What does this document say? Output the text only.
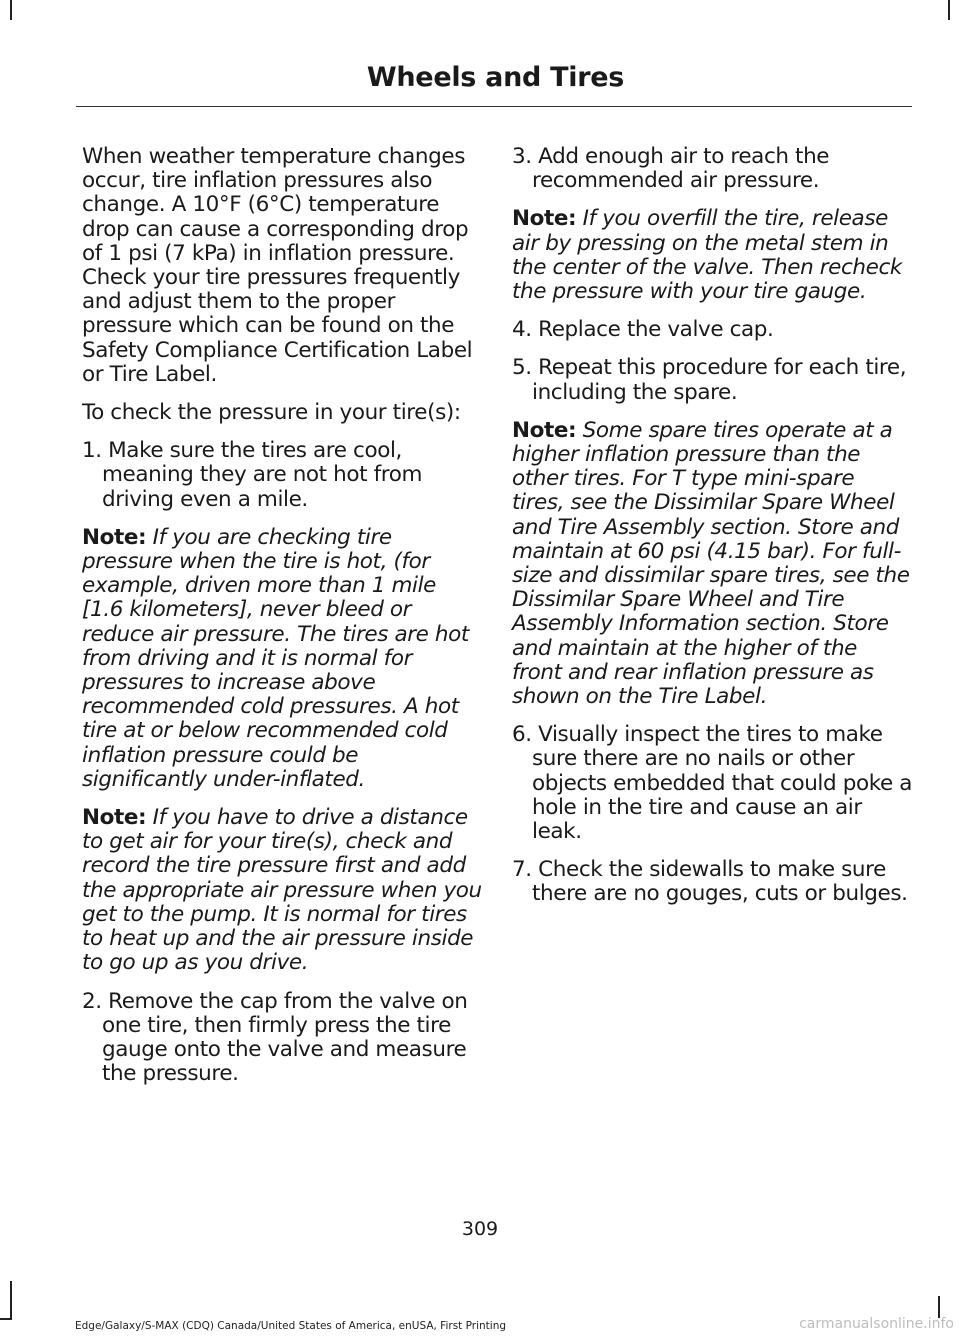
Wheels and Tires

When weather temperature changes occur, tire inflation pressures also change. A 10°F (6°C) temperature drop can cause a corresponding drop of 1 psi (7 kPa) in inflation pressure. Check your tire pressures frequently and adjust them to the proper pressure which can be found on the Safety Compliance Certification Label or Tire Label.

To check the pressure in your tire(s):

1. Make sure the tires are cool, meaning they are not hot from driving even a mile.

Note: If you are checking tire pressure when the tire is hot, (for example, driven more than 1 mile [1.6 kilometers], never bleed or reduce air pressure. The tires are hot from driving and it is normal for pressures to increase above recommended cold pressures. A hot tire at or below recommended cold inflation pressure could be significantly under-inflated.

Note: If you have to drive a distance to get air for your tire(s), check and record the tire pressure first and add the appropriate air pressure when you get to the pump. It is normal for tires to heat up and the air pressure inside to go up as you drive.

2. Remove the cap from the valve on one tire, then firmly press the tire gauge onto the valve and measure the pressure.

3. Add enough air to reach the recommended air pressure.

Note: If you overfill the tire, release air by pressing on the metal stem in the center of the valve. Then recheck the pressure with your tire gauge.

4. Replace the valve cap.

5. Repeat this procedure for each tire, including the spare.

Note: Some spare tires operate at a higher inflation pressure than the other tires. For T type mini-spare tires, see the Dissimilar Spare Wheel and Tire Assembly section. Store and maintain at 60 psi (4.15 bar). For full-size and dissimilar spare tires, see the Dissimilar Spare Wheel and Tire Assembly Information section. Store and maintain at the higher of the front and rear inflation pressure as shown on the Tire Label.

6. Visually inspect the tires to make sure there are no nails or other objects embedded that could poke a hole in the tire and cause an air leak.

7. Check the sidewalls to make sure there are no gouges, cuts or bulges.

309
Edge/Galaxy/S-MAX (CDQ) Canada/United States of America, enUSA, First Printing	carmanualsonline.info
